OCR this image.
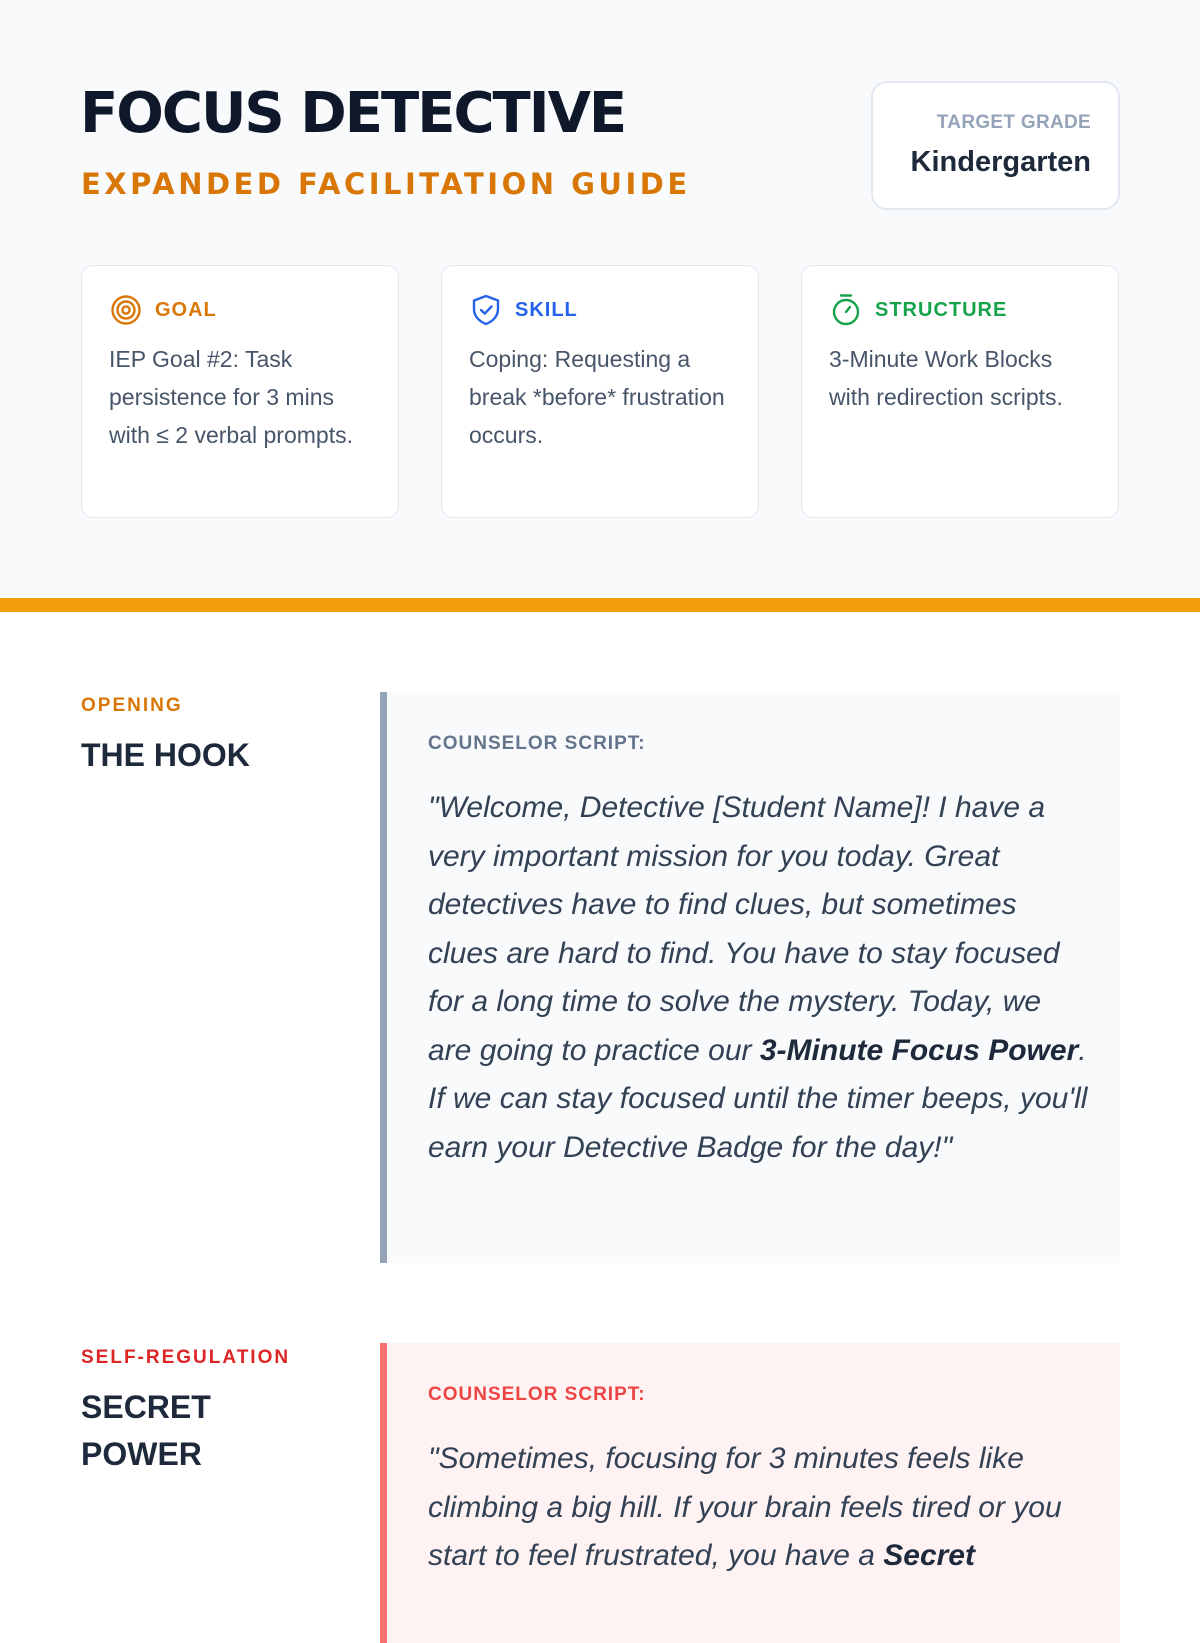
FOCUS DETECTIVE
EXPANDED FACILITATION GUIDE
TARGET GRADE
Kindergarten
GOAL
IEP Goal #2: Task persistence for 3 mins with ≤ 2 verbal prompts.
SKILL
Coping: Requesting a break *before* frustration occurs.
STRUCTURE
3-Minute Work Blocks with redirection scripts.
OPENING
THE HOOK	COUNSELOR SCRIPT:
"Welcome, Detective [Student Name]! I have a very important mission for you today. Great detectives have to find clues, but sometimes clues are hard to find. You have to stay focused for a long time to solve the mystery. Today, we are going to practice our 3-Minute Focus Power. If we can stay focused until the timer beeps, you'll earn your Detective Badge for the day!"
SELF-REGULATION
SECRET
POWER
COUNSELOR SCRIPT:
"Sometimes, focusing for 3 minutes feels like climbing a big hill. If your brain feels tired or you start to feel frustrated, you have a Secret
